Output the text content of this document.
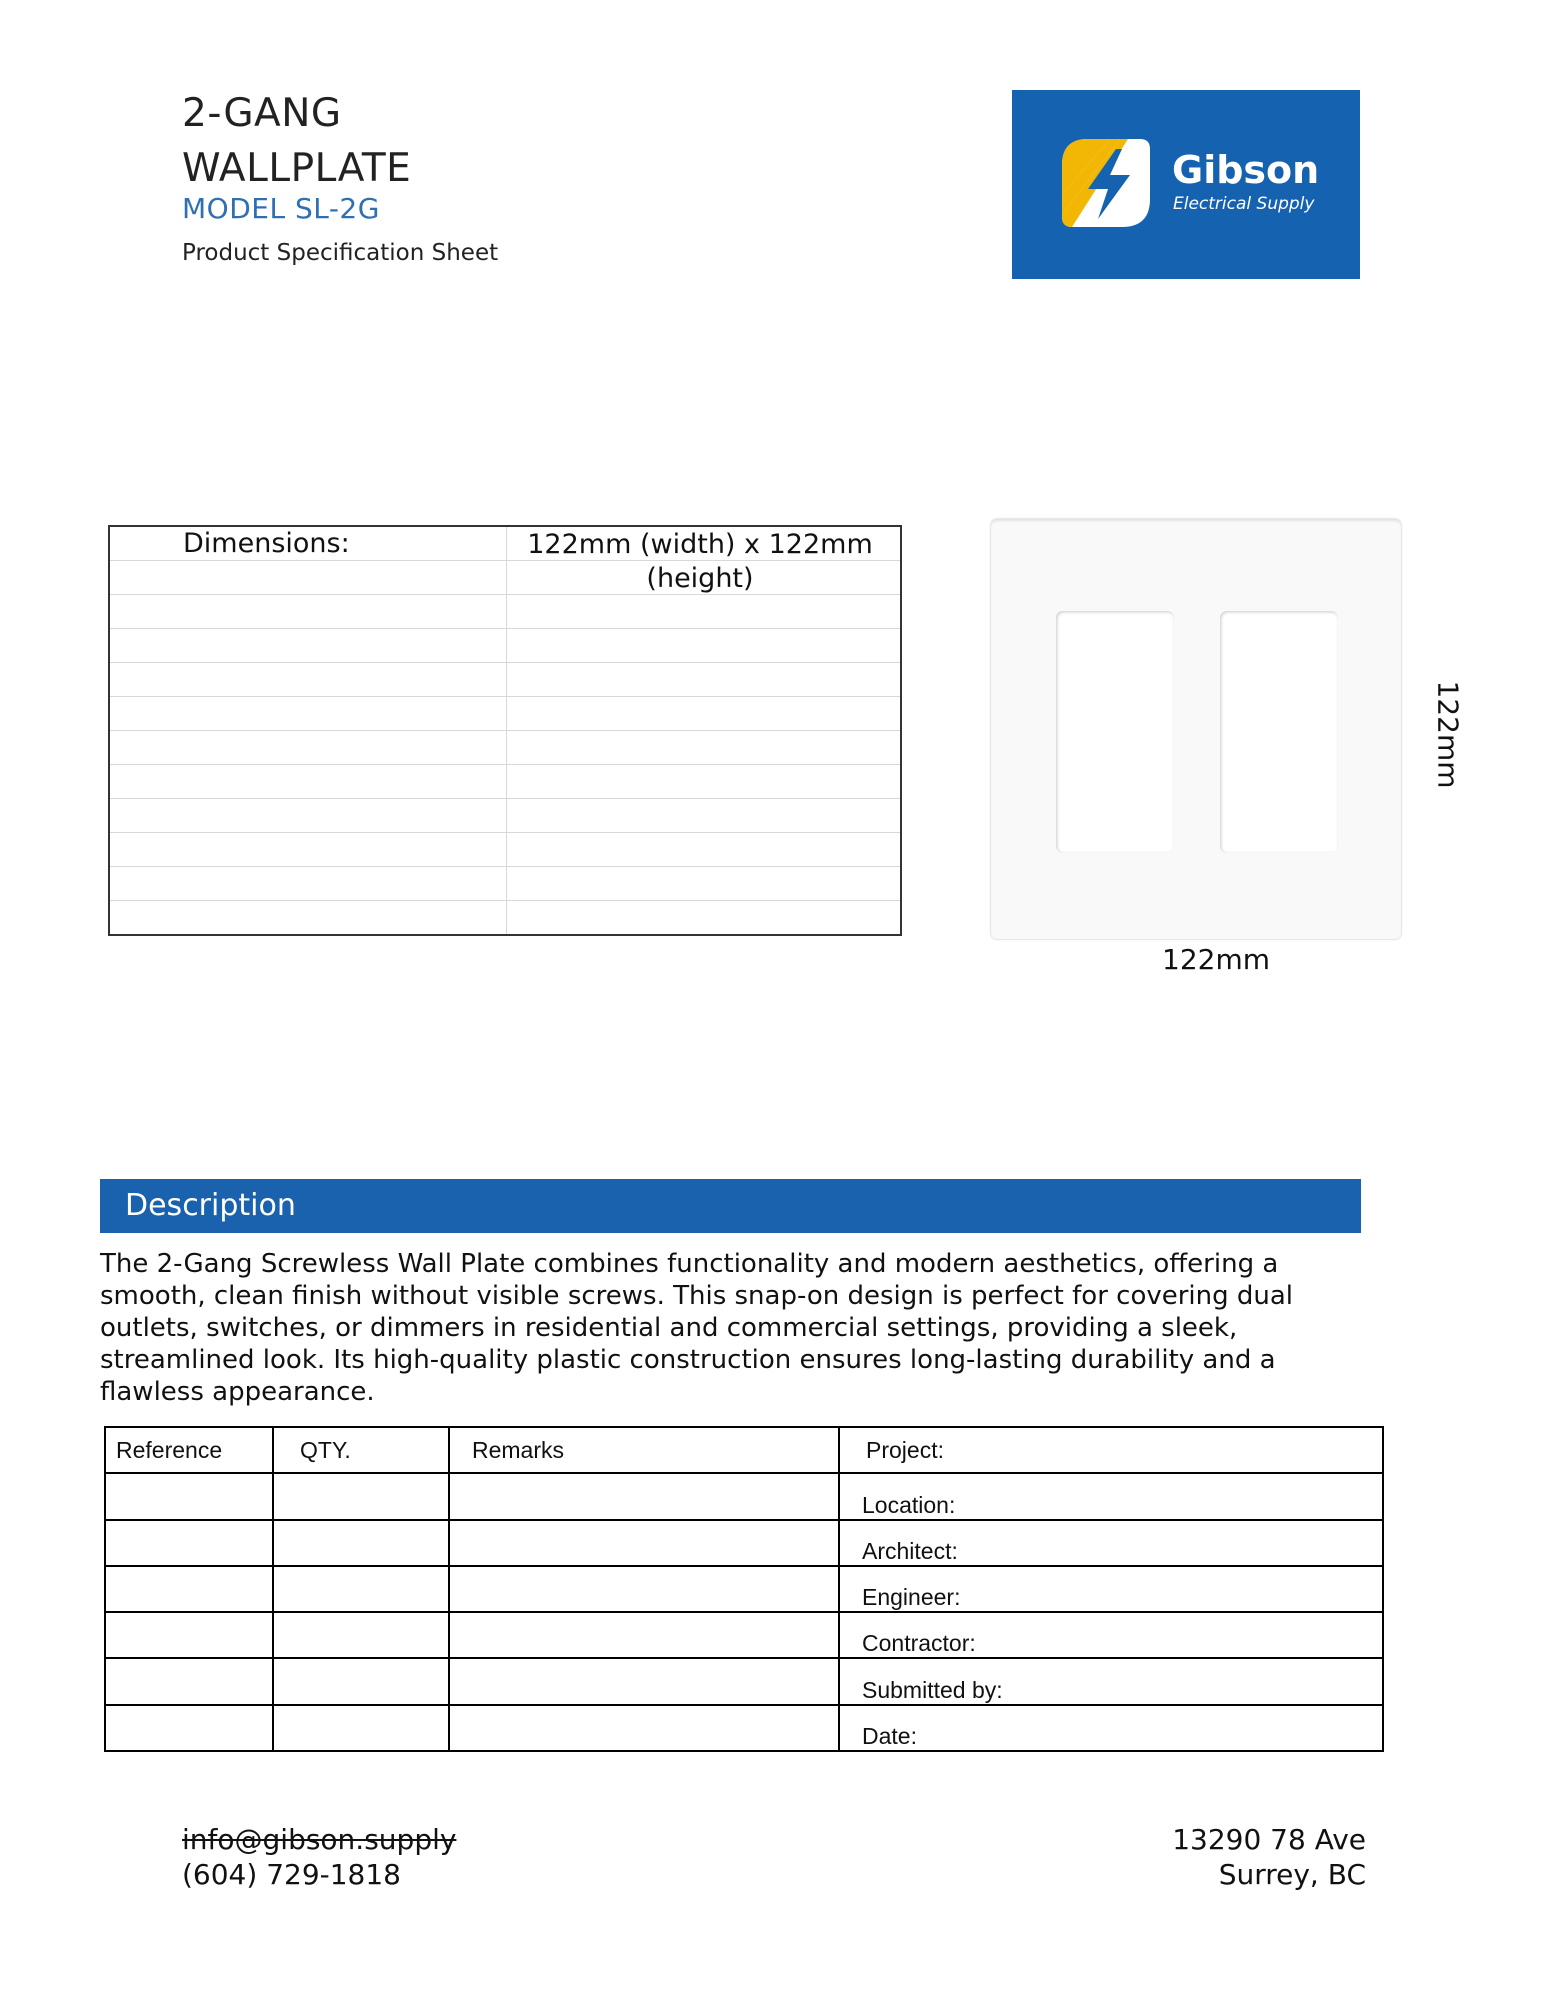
2-GANG
WALLPLATE
MODEL SL-2G
Product Specification Sheet
Gibson
Electrical Supply

Dimensions:	122mm (width) x 122mm (height)
122mm
122mm
Description
The 2-Gang Screwless Wall Plate combines functionality and modern aesthetics, offering a smooth, clean finish without visible screws. This snap-on design is perfect for covering dual outlets, switches, or dimmers in residential and commercial settings, providing a sleek, streamlined look. Its high-quality plastic construction ensures long-lasting durability and a flawless appearance.
Reference	QTY.	Remarks	Project:
			Location:
			Architect:
			Engineer:
			Contractor:
			Submitted by:
			Date:
info@gibson.supply
(604) 729-1818
13290 78 Ave
Surrey, BC
